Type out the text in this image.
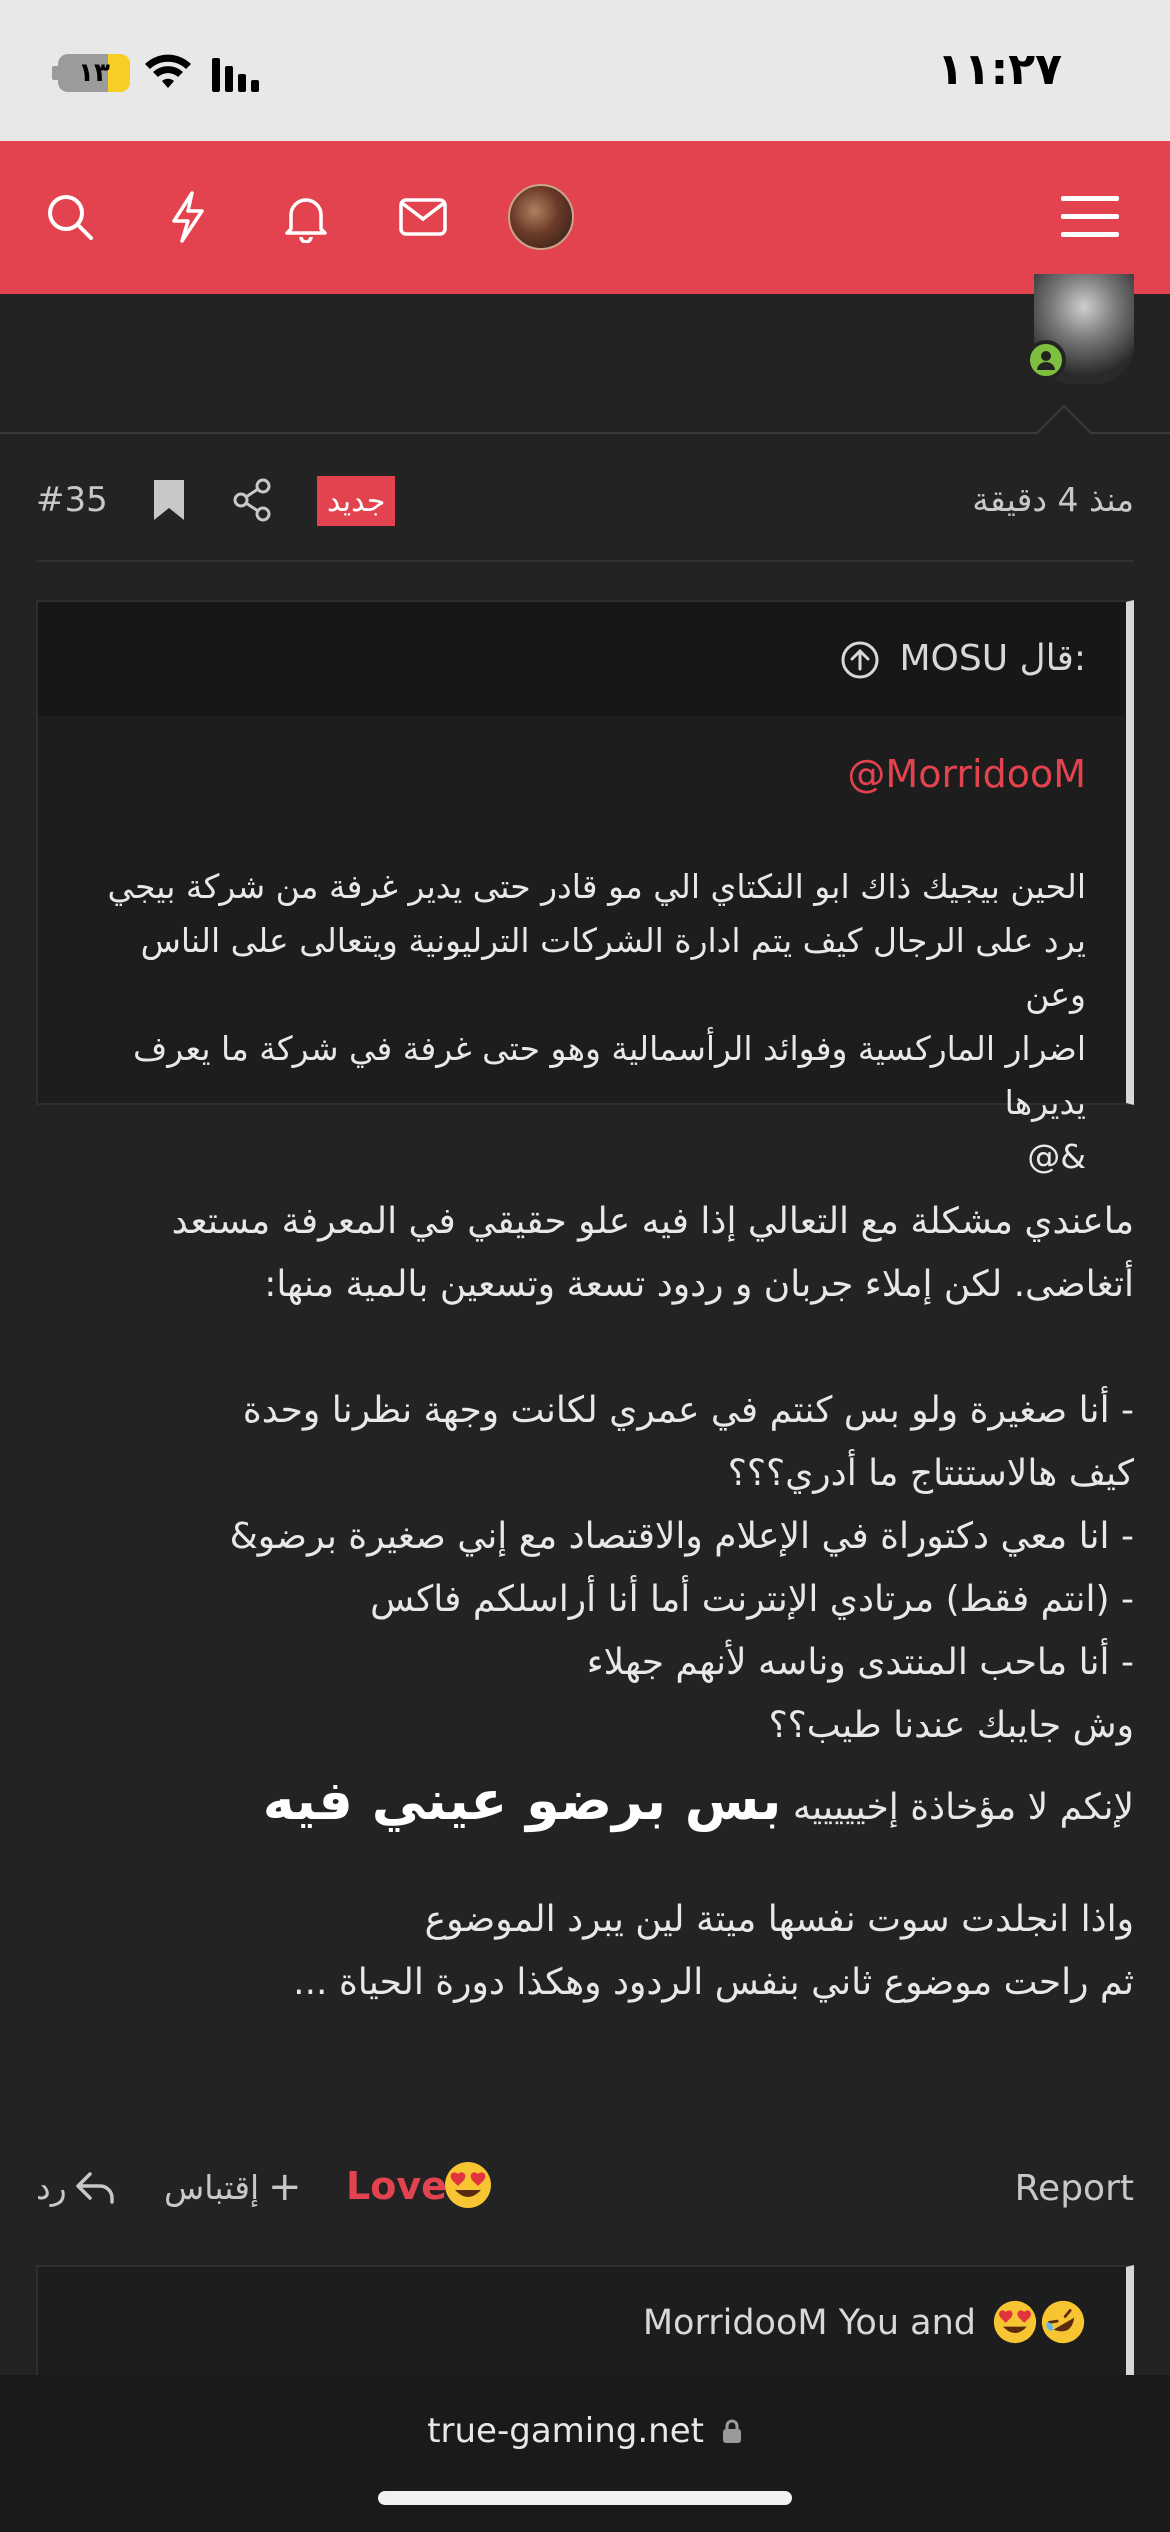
١٣	١١:٢٧
#35	جديد	منذ 4 دقيقة
MOSU قال:
@MorridooM
الحين بيجيك ذاك ابو النكتاي الي مو قادر حتى يدير غرفة من شركة بيجي
يرد على الرجال كيف يتم ادارة الشركات الترليونية ويتعالى على الناس وعن
اضرار الماركسية وفوائد الرأسمالية وهو حتى غرفة في شركة ما يعرف يديرها
&@

ماعندي مشكلة مع التعالي إذا فيه علو حقيقي في المعرفة مستعد

أتغاضى. لكن إملاء جربان و ردود تسعة وتسعين بالمية منها:

- أنا صغيرة ولو بس كنتم في عمري لكانت وجهة نظرنا وحدة

كيف هالاستنتاج ما أدري؟؟؟

- انا معي دكتوراة في الإعلام والاقتصاد مع إني صغيرة برضو&

- (انتم فقط) مرتادي الإنترنت أما أنا أراسلكم فاكس

- أنا ماحب المنتدى وناسه لأنهم جهلاء

وش جايبك عندنا طيب؟؟

لإنكم لا مؤخاذة إخيييييه بس برضو عيني فيه

واذا انجلدت سوت نفسها ميتة لين يبرد الموضوع

ثم راحت موضوع ثاني بنفس الردود وهكذا دورة الحياة ...

Report
Love
+
إقتباس
رد
MorridooM You and
true-gaming.net
